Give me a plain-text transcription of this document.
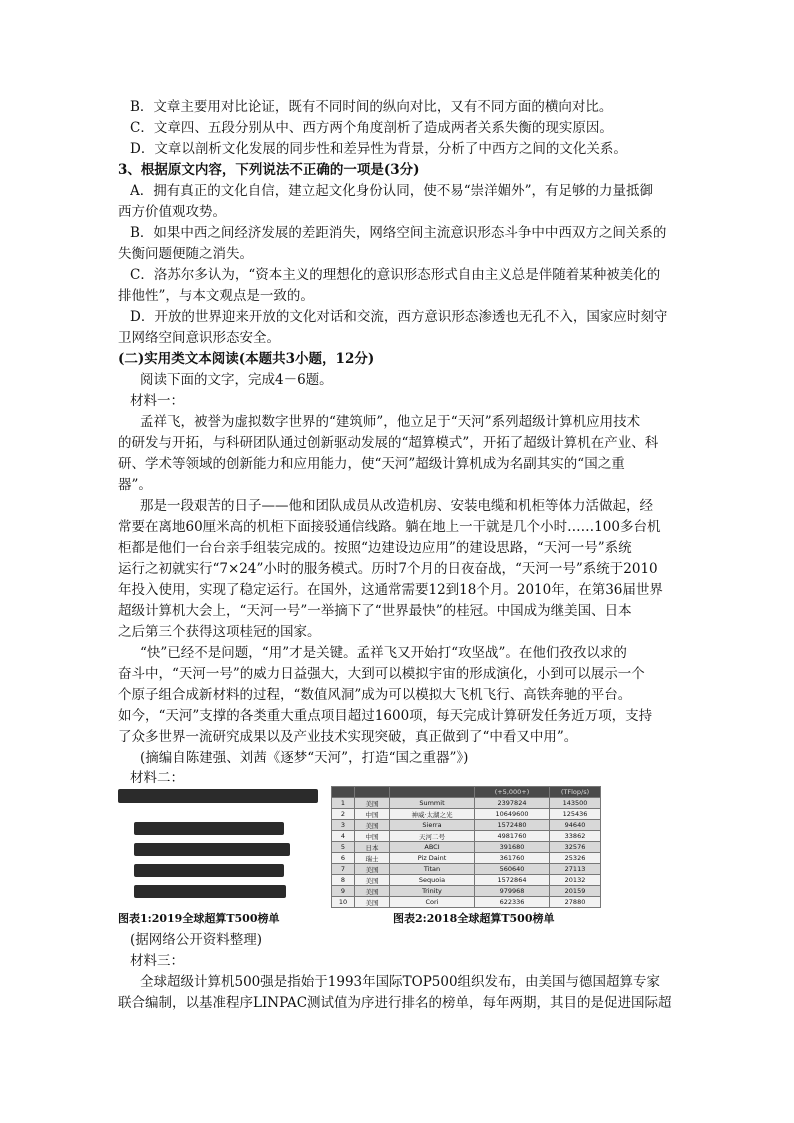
B．文章主要用对比论证，既有不同时间的纵向对比，又有不同方面的横向对比。
C．文章四、五段分别从中、西方两个角度剖析了造成两者关系失衡的现实原因。
D．文章以剖析文化发展的同步性和差异性为背景，分析了中西方之间的文化关系。
3、根据原文内容，下列说法不正确的一项是(3分)
A．拥有真正的文化自信，建立起文化身份认同，使不易“崇洋媚外”，有足够的力量抵御
西方价值观攻势。
B．如果中西之间经济发展的差距消失，网络空间主流意识形态斗争中中西双方之间关系的
失衡问题便随之消失。
C．洛苏尔多认为，“资本主义的理想化的意识形态形式自由主义总是伴随着某种被美化的
排他性”，与本文观点是一致的。
D．开放的世界迎来开放的文化对话和交流，西方意识形态渗透也无孔不入，国家应时刻守
卫网络空间意识形态安全。
(二)实用类文本阅读(本题共3小题，12分)
阅读下面的文字，完成4－6题。
材料一：
孟祥飞，被誉为虚拟数字世界的“建筑师”，他立足于“天河”系列超级计算机应用技术
的研发与开拓，与科研团队通过创新驱动发展的“超算模式”，开拓了超级计算机在产业、科
研、学术等领域的创新能力和应用能力，使“天河”超级计算机成为名副其实的“国之重
器”。
那是一段艰苦的日子——他和团队成员从改造机房、安装电缆和机柜等体力活做起，经
常要在离地60厘米高的机柜下面接驳通信线路。躺在地上一干就是几个小时……100多台机
柜都是他们一台台亲手组装完成的。按照“边建设边应用”的建设思路，“天河一号”系统
运行之初就实行“7×24”小时的服务模式。历时7个月的日夜奋战，“天河一号”系统于2010
年投入使用，实现了稳定运行。在国外，这通常需要12到18个月。2010年，在第36届世界
超级计算机大会上，“天河一号”一举摘下了“世界最快”的桂冠。中国成为继美国、日本
之后第三个获得这项桂冠的国家。
“快”已经不是问题，“用”才是关键。孟祥飞又开始打“攻坚战”。在他们孜孜以求的
奋斗中，“天河一号”的威力日益强大，大到可以模拟宇宙的形成演化，小到可以展示一个
个原子组合成新材料的过程，“数值风洞”成为可以模拟大飞机飞行、高铁奔驰的平台。
如今，“天河”支撑的各类重大重点项目超过1600项，每天完成计算研发任务近万项，支持
了众多世界一流研究成果以及产业技术实现突破，真正做到了“中看又中用”。
(摘编自陈建强、刘茜《逐梦“天河”，打造“国之重器”》)
材料二：
图表1:2019全球超算T500榜单
			(+5,000+)	(TFlop/s)
1	美国	Summit	2397824	143500
2	中国	神威·太湖之光	10649600	125436
3	美国	Sierra	1572480	94640
4	中国	天河二号	4981760	33862
5	日本	ABCI	391680	32576
6	瑞士	Piz Daint	361760	25326
7	美国	Titan	560640	27113
8	美国	Sequoia	1572864	20132
9	美国	Trinity	979968	20159
10	美国	Cori	622336	27880
图表2:2018全球超算T500榜单
(据网络公开资料整理)
材料三：
全球超级计算机500强是指始于1993年国际TOP500组织发布，由美国与德国超算专家
联合编制，以基准程序LINPAC测试值为序进行排名的榜单，每年两期，其目的是促进国际超
